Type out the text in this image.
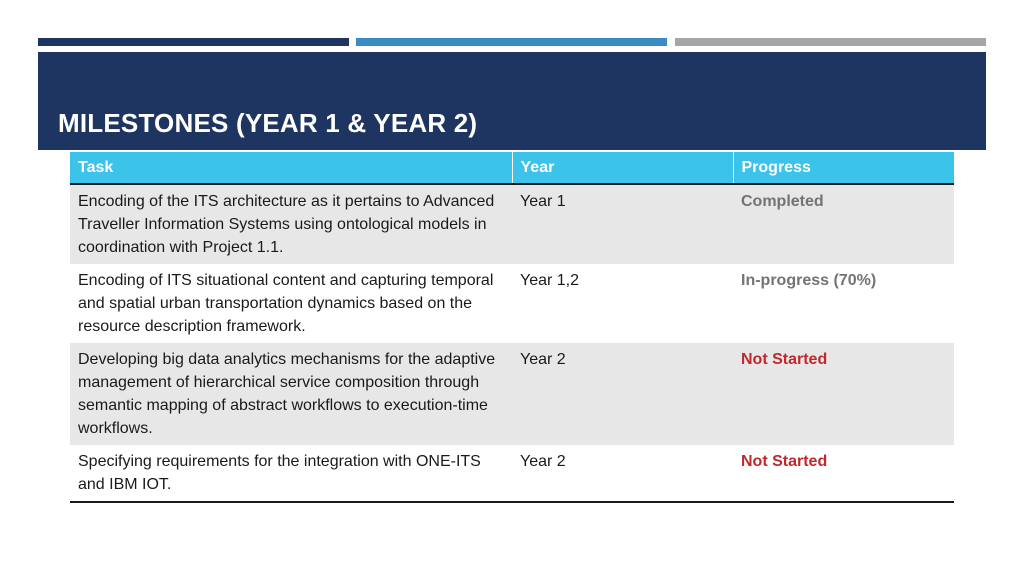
MILESTONES (YEAR 1 & YEAR 2)
Task	Year	Progress
Encoding of the ITS architecture as it pertains to Advanced Traveller Information Systems using ontological models in coordination with Project 1.1.	Year 1	Completed
Encoding of ITS situational content and capturing temporal and spatial urban transportation dynamics based on the resource description framework.	Year 1,2	In-progress (70%)
Developing big data analytics mechanisms for the adaptive management of hierarchical service composition through semantic mapping of abstract workflows to execution-time workflows.	Year 2	Not Started
Specifying requirements for the integration with ONE-ITS and IBM IOT.	Year 2	Not Started
